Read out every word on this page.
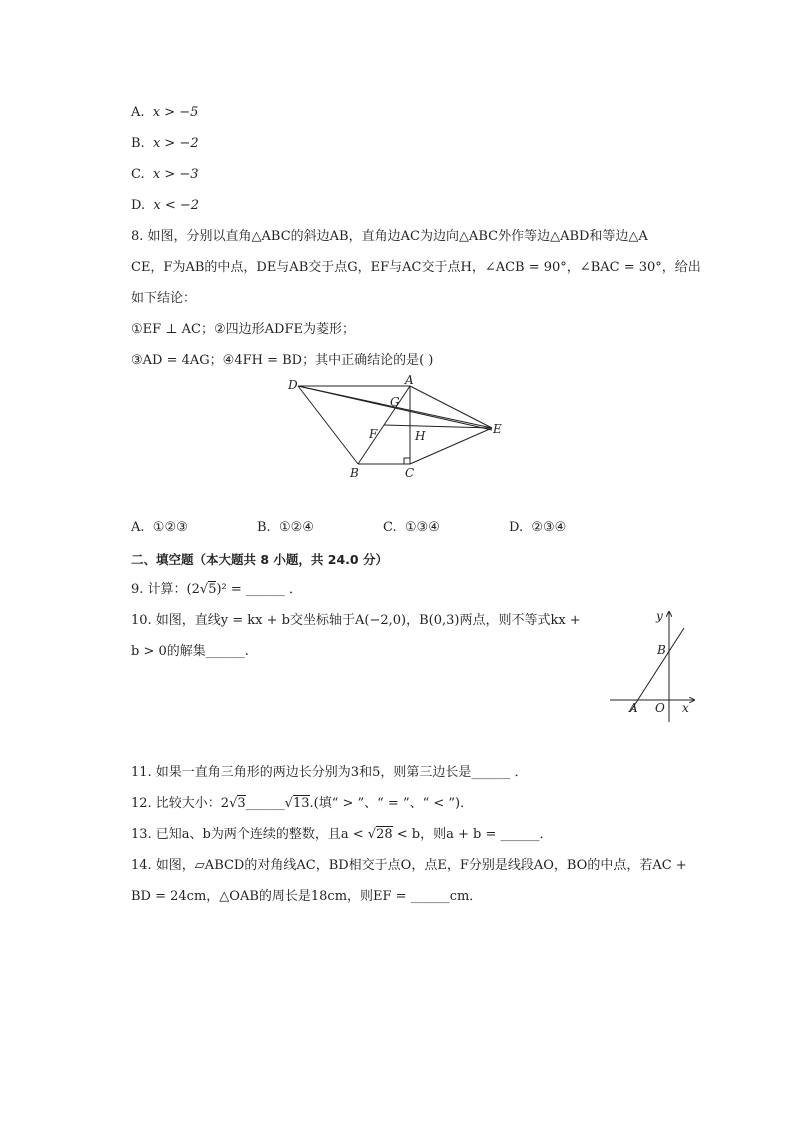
A. x > −5
B. x > −2
C. x > −3
D. x < −2
8. 如图，分别以直角△ABC的斜边AB，直角边AC为边向△ABC外作等边△ABD和等边△A
CE，F为AB的中点，DE与AB交于点G，EF与AC交于点H，∠ACB = 90°，∠BAC = 30°，给出
如下结论：
①EF ⊥ AC；②四边形ADFE为菱形；
③AD = 4AG；④4FH = BD；其中正确结论的是( )
D	A
G
F	H	E
B	C
A. ①②③	B. ①②④	C. ①③④	D. ②③④
二、填空题（本大题共 8 小题，共 24.0 分）
9. 计算：(2√5)² = ______ ．
10. 如图，直线y = kx + b交坐标轴于A(−2,0)，B(0,3)两点，则不等式kx +
b > 0的解集______.
y
B
A O x
11. 如果一直角三角形的两边长分别为3和5，则第三边长是______ ．
12. 比较大小：2√3______√13.(填“ > ”、“ = ”、“ < ”)．
13. 已知a、b为两个连续的整数，且a < √28 < b，则a + b = ______．
14. 如图，▱ABCD的对角线AC，BD相交于点O，点E，F分别是线段AO，BO的中点，若AC +
BD = 24cm，△OAB的周长是18cm，则EF = ______cm．
